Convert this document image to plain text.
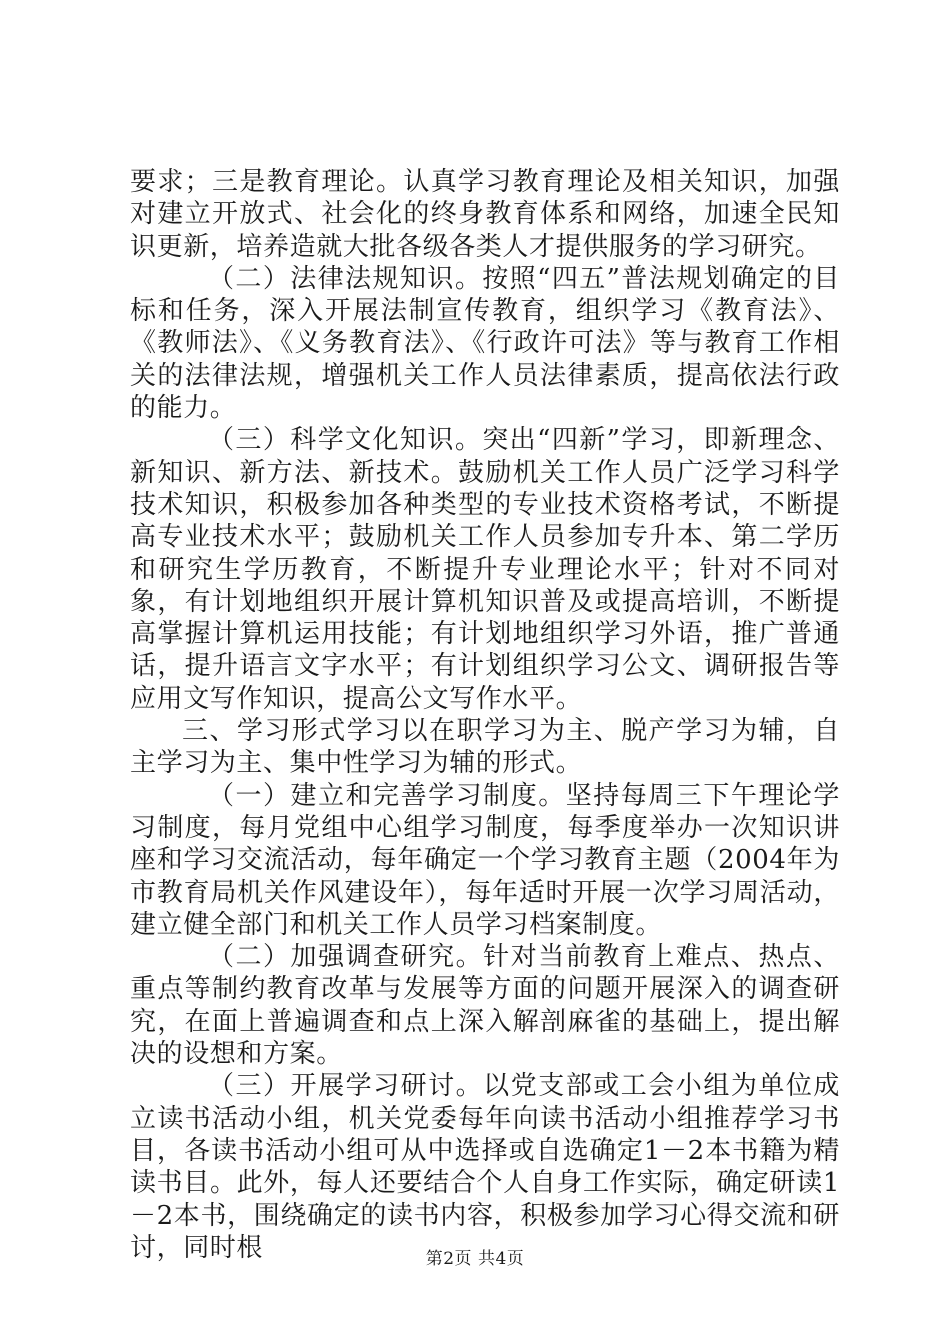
要求；三是教育理论。认真学习教育理论及相关知识，加强对建立开放式、社会化的终身教育体系和网络，加速全民知识更新，培养造就大批各级各类人才提供服务的学习研究。

（二）法律法规知识。按照“四五”普法规划确定的目标和任务，深入开展法制宣传教育，组织学习《教育法》、《教师法》、《义务教育法》、《行政许可法》等与教育工作相关的法律法规，增强机关工作人员法律素质，提高依法行政的能力。

（三）科学文化知识。突出“四新”学习，即新理念、新知识、新方法、新技术。鼓励机关工作人员广泛学习科学技术知识，积极参加各种类型的专业技术资格考试，不断提高专业技术水平；鼓励机关工作人员参加专升本、第二学历和研究生学历教育，不断提升专业理论水平；针对不同对象，有计划地组织开展计算机知识普及或提高培训，不断提高掌握计算机运用技能；有计划地组织学习外语，推广普通话，提升语言文字水平；有计划组织学习公文、调研报告等应用文写作知识，提高公文写作水平。

三、学习形式学习以在职学习为主、脱产学习为辅，自主学习为主、集中性学习为辅的形式。

（一）建立和完善学习制度。坚持每周三下午理论学习制度，每月党组中心组学习制度，每季度举办一次知识讲座和学习交流活动，每年确定一个学习教育主题（2004年为市教育局机关作风建设年），每年适时开展一次学习周活动，建立健全部门和机关工作人员学习档案制度。

（二）加强调查研究。针对当前教育上难点、热点、重点等制约教育改革与发展等方面的问题开展深入的调查研究，在面上普遍调查和点上深入解剖麻雀的基础上，提出解决的设想和方案。

（三）开展学习研讨。以党支部或工会小组为单位成立读书活动小组，机关党委每年向读书活动小组推荐学习书目，各读书活动小组可从中选择或自选确定1－2本书籍为精读书目。此外，每人还要结合个人自身工作实际，确定研读1－2本书，围绕确定的读书内容，积极参加学习心得交流和研讨，同时根	第2页 共4页
